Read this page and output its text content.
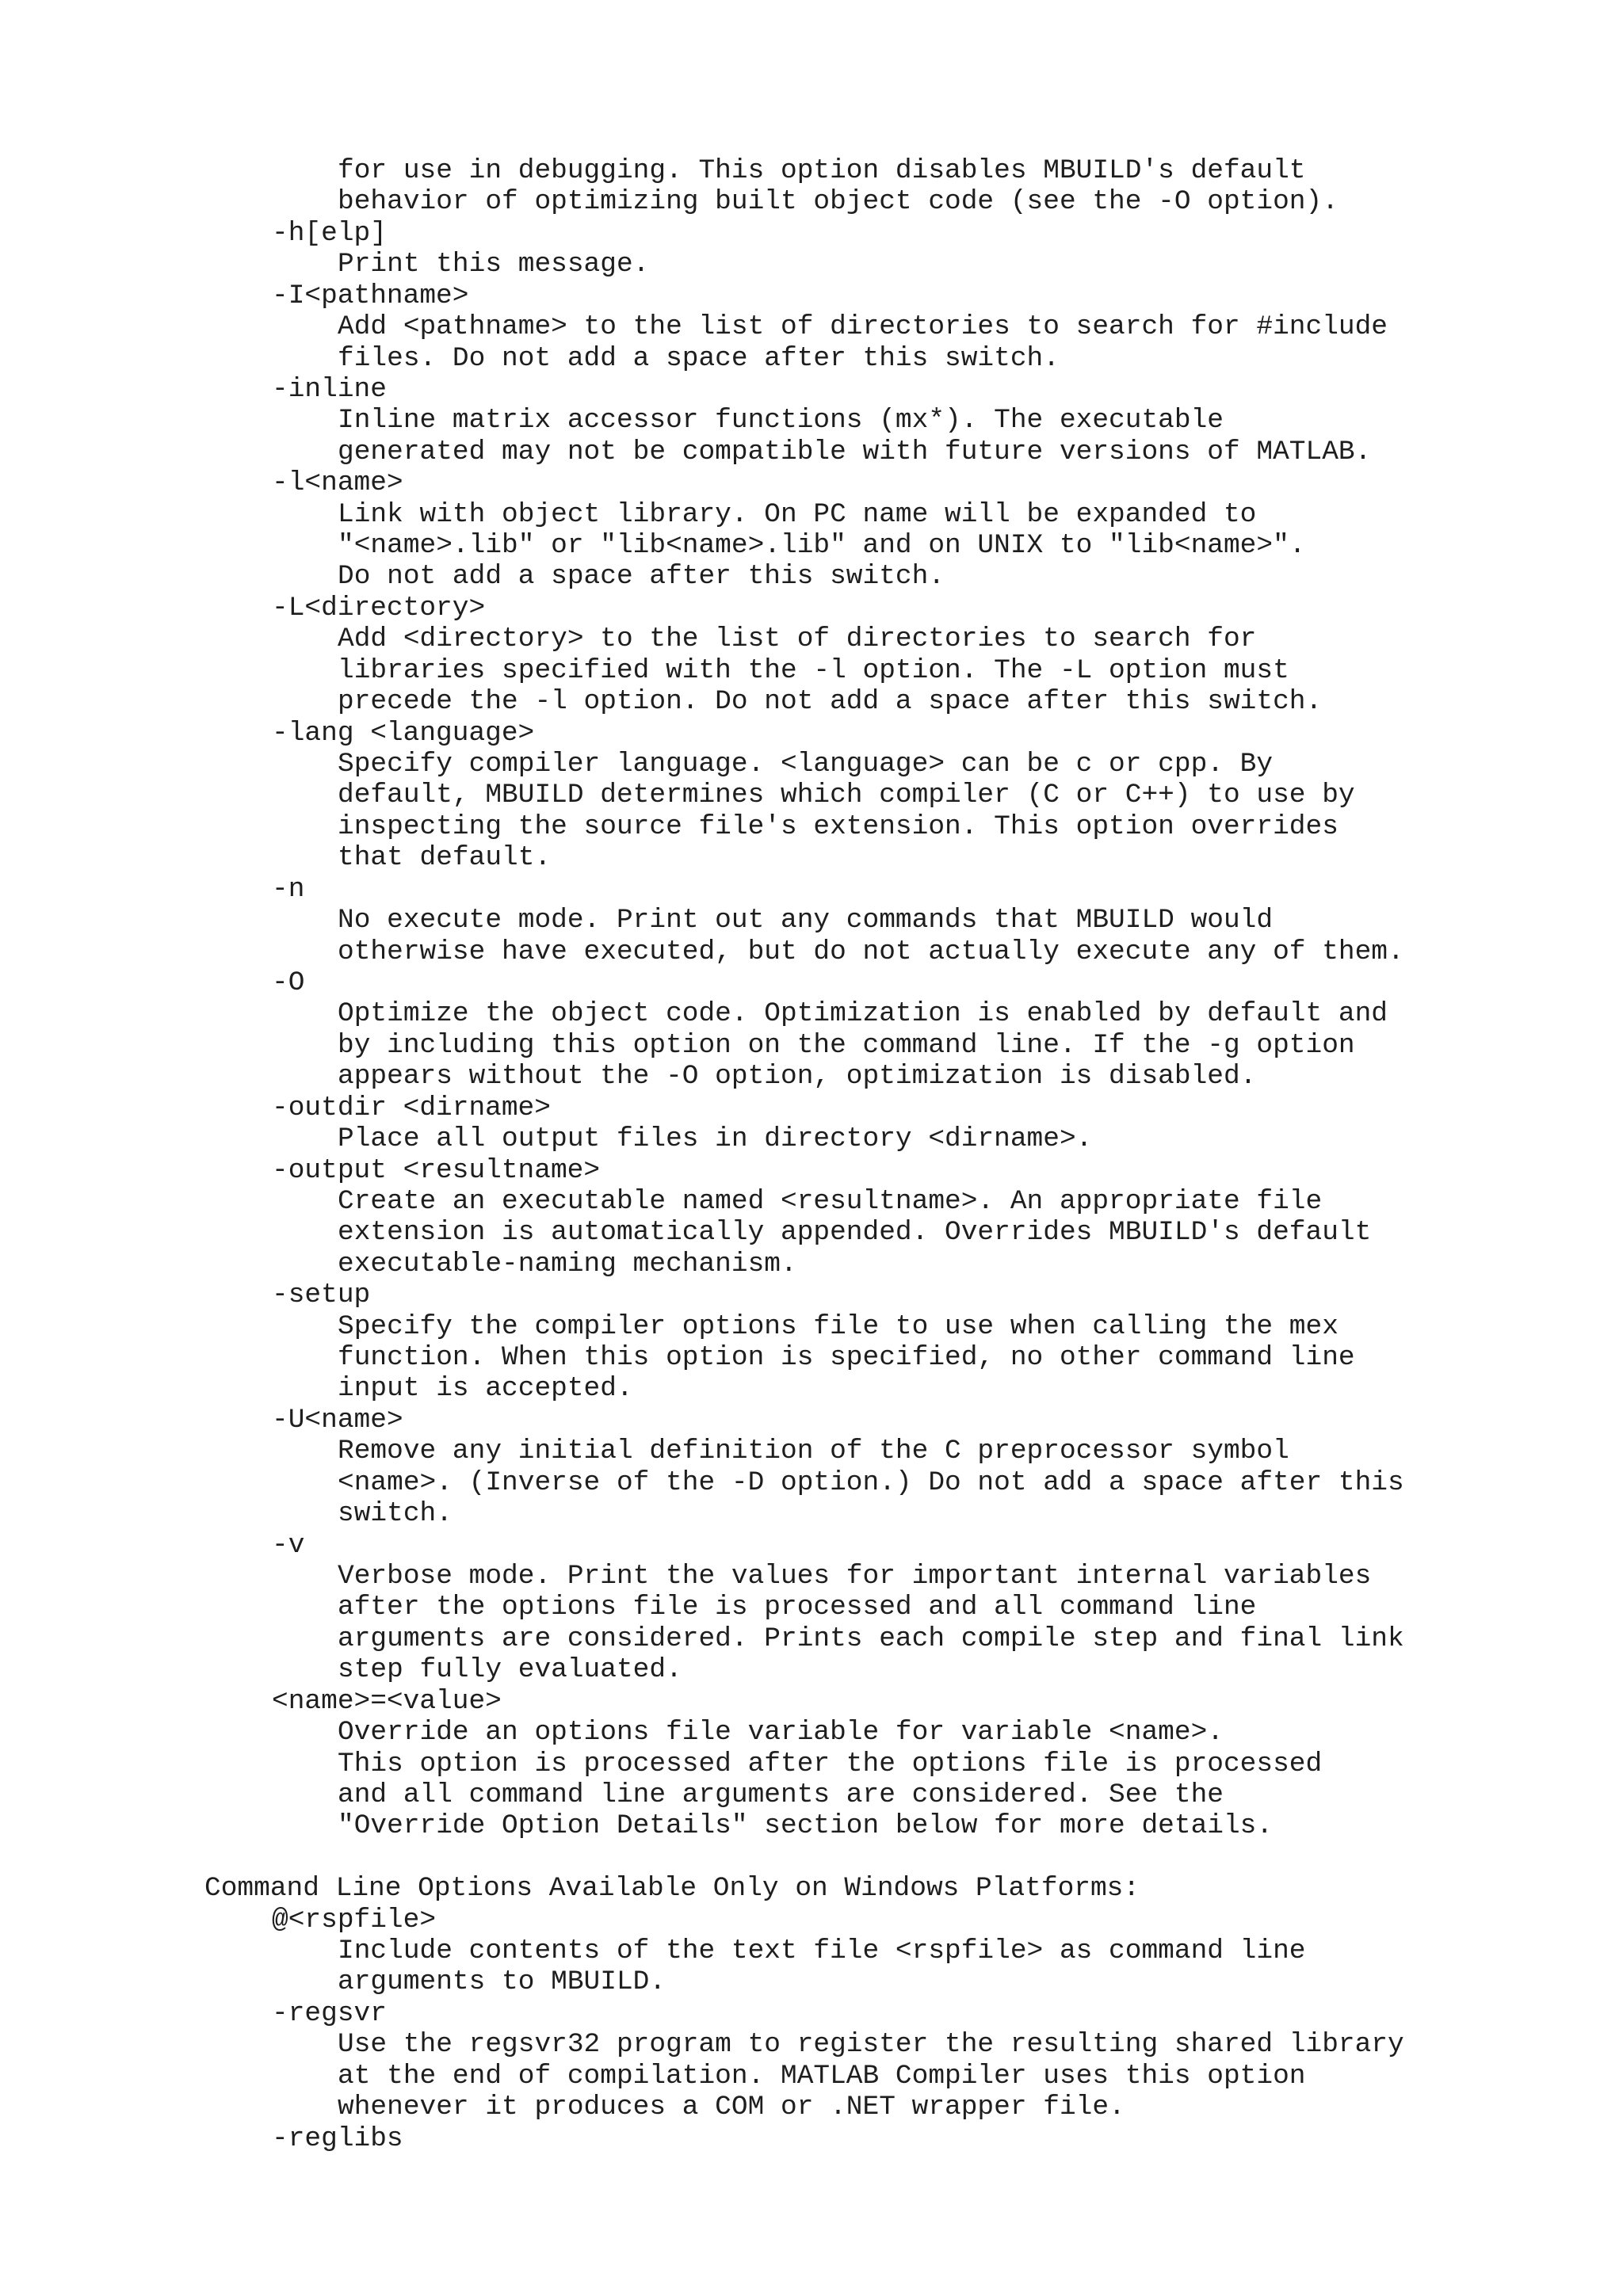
for use in debugging. This option disables MBUILD's default
behavior of optimizing built object code (see the -O option).
-h[elp]
Print this message.
-I<pathname>
Add <pathname> to the list of directories to search for #include
files. Do not add a space after this switch.
-inline
Inline matrix accessor functions (mx*). The executable
generated may not be compatible with future versions of MATLAB.
-l<name>
Link with object library. On PC name will be expanded to
"<name>.lib" or "lib<name>.lib" and on UNIX to "lib<name>".
Do not add a space after this switch.
-L<directory>
Add <directory> to the list of directories to search for
libraries specified with the -l option. The -L option must
precede the -l option. Do not add a space after this switch.
-lang <language>
Specify compiler language. <language> can be c or cpp. By
default, MBUILD determines which compiler (C or C++) to use by
inspecting the source file's extension. This option overrides
that default.
-n
No execute mode. Print out any commands that MBUILD would
otherwise have executed, but do not actually execute any of them.
-O
Optimize the object code. Optimization is enabled by default and
by including this option on the command line. If the -g option
appears without the -O option, optimization is disabled.
-outdir <dirname>
Place all output files in directory <dirname>.
-output <resultname>
Create an executable named <resultname>. An appropriate file
extension is automatically appended. Overrides MBUILD's default
executable-naming mechanism.
-setup
Specify the compiler options file to use when calling the mex
function. When this option is specified, no other command line
input is accepted.
-U<name>
Remove any initial definition of the C preprocessor symbol
<name>. (Inverse of the -D option.) Do not add a space after this
switch.
-v
Verbose mode. Print the values for important internal variables
after the options file is processed and all command line
arguments are considered. Prints each compile step and final link
step fully evaluated.
<name>=<value>
Override an options file variable for variable <name>.
This option is processed after the options file is processed
and all command line arguments are considered. See the
"Override Option Details" section below for more details.
Command Line Options Available Only on Windows Platforms:
@<rspfile>
Include contents of the text file <rspfile> as command line
arguments to MBUILD.
-regsvr
Use the regsvr32 program to register the resulting shared library
at the end of compilation. MATLAB Compiler uses this option
whenever it produces a COM or .NET wrapper file.
-reglibs
